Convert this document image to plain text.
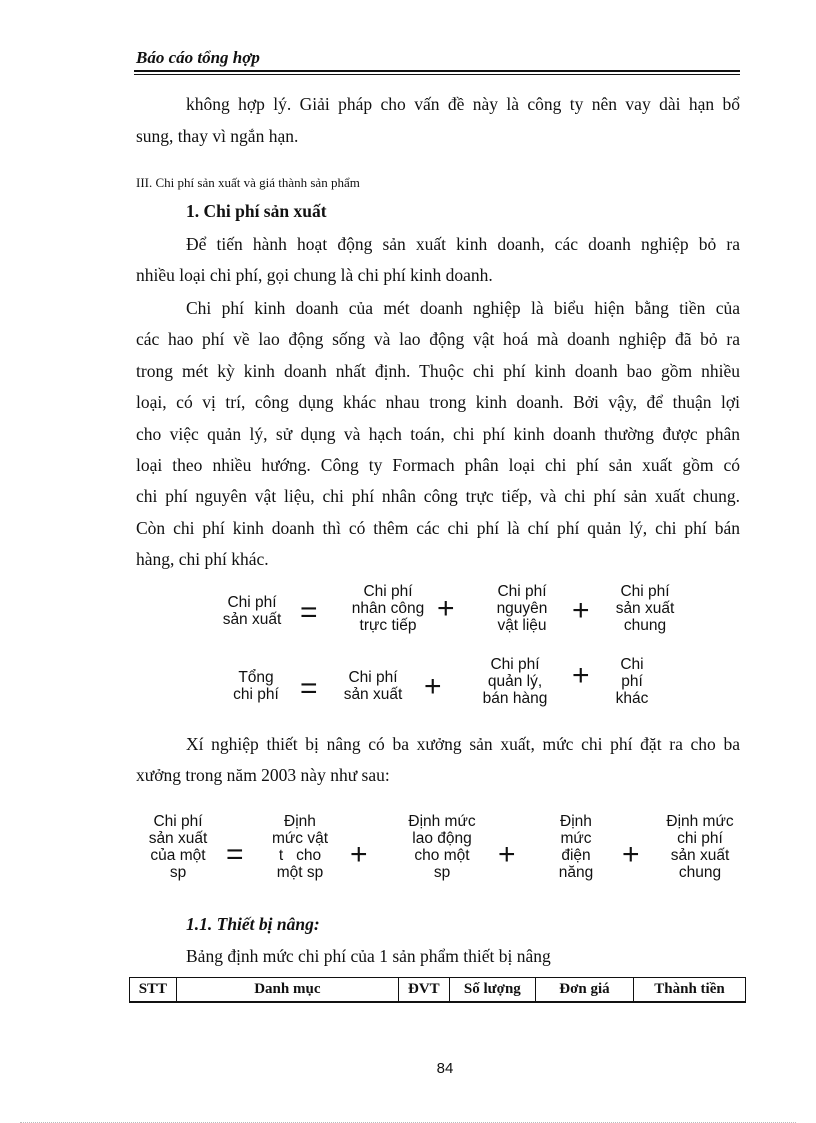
Báo cáo tổng hợp
không hợp lý. Giải pháp cho vấn đề này là công ty nên vay dài hạn bổ
sung, thay vì ngắn hạn.
III. Chi phí sản xuất và giá thành sản phẩm
1. Chi phí sản xuất
Để tiến hành hoạt động sản xuất kinh doanh, các doanh nghiệp bỏ ra
nhiều loại chi phí, gọi chung là chi phí kinh doanh.
Chi phí kinh doanh của mét doanh nghiệp là biểu hiện bằng tiền của
các hao phí về lao động sống và lao động vật hoá mà doanh nghiệp đã bỏ ra
trong mét kỳ kinh doanh nhất định. Thuộc chi phí kinh doanh bao gồm nhiều
loại, có vị trí, công dụng khác nhau trong kinh doanh. Bởi vậy, để thuận lợi
cho việc quản lý, sử dụng và hạch toán, chi phí kinh doanh thường được phân
loại theo nhiều hướng. Công ty Formach phân loại chi phí sản xuất gồm có
chi phí nguyên vật liệu, chi phí nhân công trực tiếp, và chi phí sản xuất chung.
Còn chi phí kinh doanh thì có thêm các chi phí là chí phí quản lý, chi phí bán
hàng, chi phí khác.
Chi phí
sản xuất =
Chi phí
nhân công
trực tiếp
+
Chi phí
nguyên
vật liệu +
Chi phí
sản xuất
chung
Tổng
chi phí =	Chi phí
sản xuất +
Chi phí
quản lý,
bán hàng
+	Chi
phí
khác
Xí nghiệp thiết bị nâng có ba xưởng sản xuất, mức chi phí đặt ra cho ba
xưởng trong năm 2003 này như sau:
Chi phí
sản xuất
của một
sp
=
Định
mức vật
t   cho
một sp
+
Định mức
lao động
cho một
sp
+
Định
mức
điện
năng
+
Định mức
chi phí
sản xuất
chung
1.1. Thiết bị nâng:
Bảng định mức chi phí của 1 sản phẩm thiết bị nâng
STT	Danh mục	ĐVT	Số lượng	Đơn giá	Thành tiền
84
